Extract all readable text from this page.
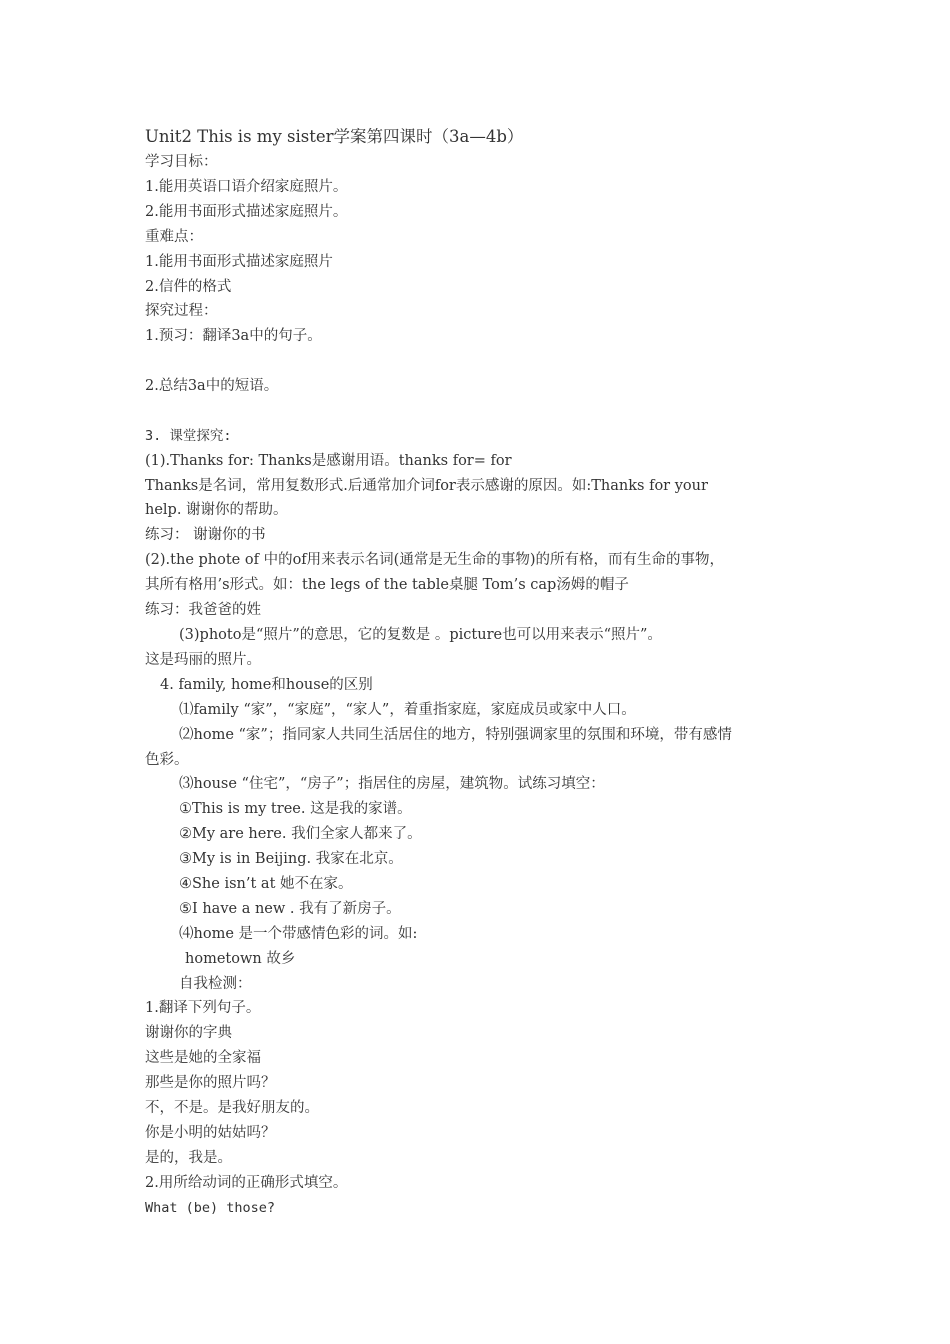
Unit2 This is my sister学案第四课时（3a—4b）
学习目标：
1.能用英语口语介绍家庭照片。
2.能用书面形式描述家庭照片。
重难点：
1.能用书面形式描述家庭照片
2.信件的格式
探究过程：
1.预习：翻译3a中的句子。
2.总结3a中的短语。
3. 课堂探究:
(1).Thanks for: Thanks是感谢用语。thanks for= for
Thanks是名词，常用复数形式.后通常加介词for表示感谢的原因。如:Thanks for your
help. 谢谢你的帮助。
练习： 谢谢你的书
(2).the phote of 中的of用来表示名词(通常是无生命的事物)的所有格，而有生命的事物，
其所有格用’s形式。如：the legs of the table桌腿 Tom’s cap汤姆的帽子
练习：我爸爸的姓
(3)photo是“照片”的意思，它的复数是 。picture也可以用来表示“照片”。
这是玛丽的照片。
4. family, home和house的区别
⑴family “家”，“家庭”，“家人”，着重指家庭，家庭成员或家中人口。
⑵home “家”；指同家人共同生活居住的地方，特别强调家里的氛围和环境，带有感情
色彩。
⑶house “住宅”，“房子”；指居住的房屋，建筑物。试练习填空：
①This is my tree. 这是我的家谱。
②My are here. 我们全家人都来了。
③My is in Beijing. 我家在北京。
④She isn’t at 她不在家。
⑤I have a new . 我有了新房子。
⑷home 是一个带感情色彩的词。如:
hometown 故乡
自我检测：
1.翻译下列句子。
谢谢你的字典
这些是她的全家福
那些是你的照片吗？
不，不是。是我好朋友的。
你是小明的姑姑吗？
是的，我是。
2.用所给动词的正确形式填空。
What (be) those?
